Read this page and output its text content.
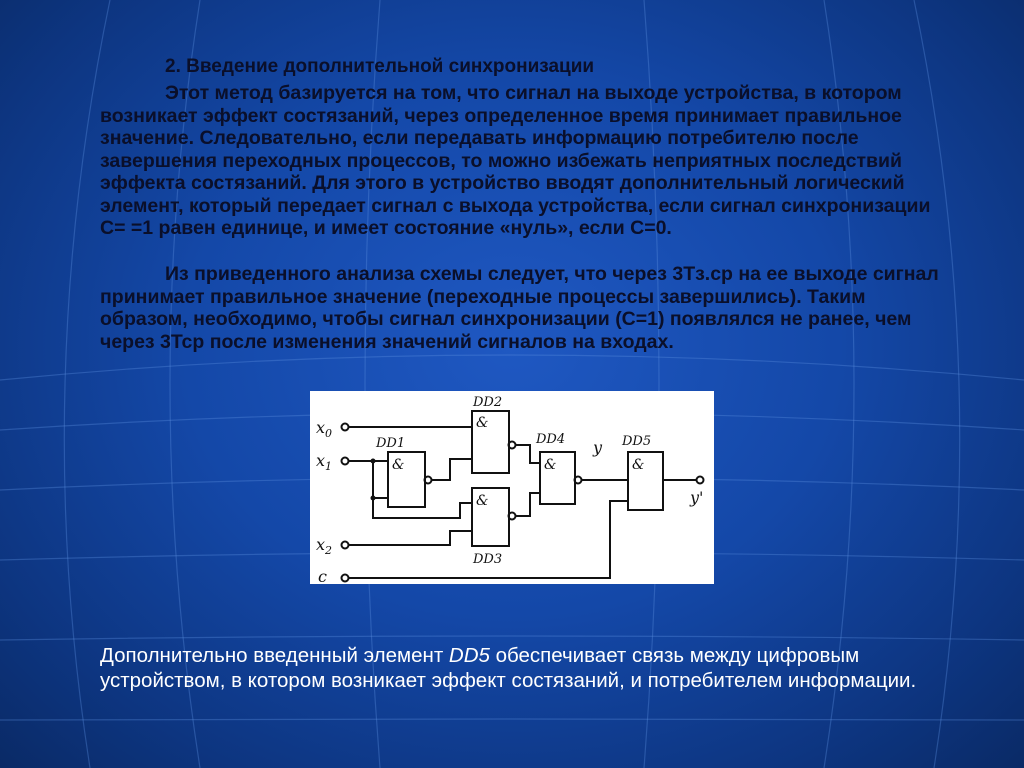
2. Введение дополнительной синхронизации
Этот метод базируется на том, что сигнал на выходе устройства, в котором возникает эффект состязаний, через определенное время принимает правильное значение. Следовательно, если передавать информацию потребителю после завершения переходных процессов, то можно избежать неприятных последствий эффекта состязаний. Для этого в устройство вводят дополнительный логический элемент, который передает сигнал с выхода устройства, если сигнал синхронизации С= =1 равен единице, и имеет состояние «нуль», если С=0.
Из приведенного анализа схемы следует, что через 3Тз.ср на ее выходе сигнал принимает правильное значение (переходные процессы завершились). Таким образом, необходимо, чтобы сигнал синхронизации (С=1) появлялся не ранее, чем через 3Тср после изменения значений сигналов на входах.
$x_0$
$x_1$
$x_2$
c
DD1
DD2
DD3
DD4	DD5
&
&
&
&	&
y
y'
Дополнительно введенный элемент DD5 обеспечивает связь между цифровым устройством, в котором возникает эффект состязаний, и потребителем информации.
